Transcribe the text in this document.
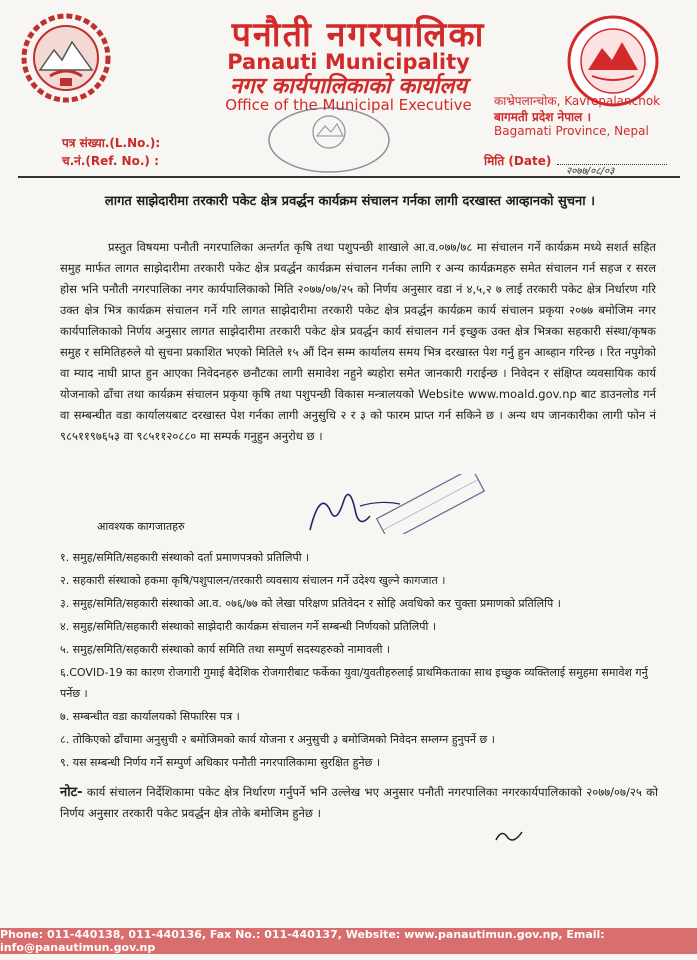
पनौती नगरपालिका
Panauti Municipality
नगर कार्यपालिकाको कार्यालय
Office of the Municipal Executive	काभ्रेपलान्चोक, Kavrepalanchok
बागमती प्रदेश नेपाल ।
Bagamati Province, Nepal
पत्र संख्या.(L.No.):
च.नं.(Ref. No.) :	मिति (Date)
२०७७/०८/०३
लागत साझेदारीमा तरकारी पकेट क्षेत्र प्रवर्द्धन कार्यक्रम संचालन गर्नका लागी दरखास्त आव्हानको सुचना ।
प्रस्तुत विषयमा पनौती नगरपालिका अन्तर्गत कृषि तथा पशुपन्छी शाखाले आ.व.०७७/७८ मा संचालन गर्ने कार्यक्रम मध्ये सशर्त सहित समुह मार्फत लागत साझेदारीमा तरकारी पकेट क्षेत्र प्रवर्द्धन कार्यक्रम संचालन गर्नका लागि र अन्य कार्यक्रमहरु समेत संचालन गर्न सहज र सरल होस भनि पनौती नगरपालिका नगर कार्यपालिकाको मिति २०७७/०७/२५ को निर्णय अनुसार वडा नं ४,५,२ ७ लाई तरकारी पकेट क्षेत्र निर्धारण गरि उक्त क्षेत्र भित्र कार्यक्रम संचालन गर्ने गरि लागत साझेदारीमा तरकारी पकेट क्षेत्र प्रवर्द्धन कार्यक्रम कार्य संचालन प्रकृया २०७७ बमोजिम नगर कार्यपालिकाको निर्णय अनुसार लागत साझेदारीमा तरकारी पकेट क्षेत्र प्रवर्द्धन कार्य संचालन गर्न इच्छुक उक्त क्षेत्र भित्रका सहकारी संस्था/कृषक समुह र समितिहरुले यो सुचना प्रकाशित भएको मितिले १५ औं दिन सम्म कार्यालय समय भित्र दरखास्त पेश गर्नु हुन आब्हान गरिन्छ । रित नपुगेको वा म्याद नाघी प्राप्त हुन आएका निवेदनहरु छनौटका लागी समावेश नहुने ब्यहोरा समेत जानकारी गराईन्छ । निवेदन र संक्षिप्त व्यवसायिक कार्य योजनाको ढाँचा तथा कार्यक्रम संचालन प्रकृया कृषि तथा पशुपन्छी विकास मन्त्रालयको Website www.moald.gov.np बाट डाउनलोड गर्न वा सम्बन्धीत वडा कार्यालयबाट दरखास्त पेश गर्नका लागी अनुसुचि २ र ३ को फारम प्राप्त गर्न सकिने छ । अन्य थप जानकारीका लागी फोन नं ९८५११९७६५३ वा ९८५११२०८८० मा सम्पर्क गनुहुन अनुरोध छ ।
आवश्यक कागजातहरु
१. समुह/समिति/सहकारी संस्थाको दर्ता प्रमाणपत्रको प्रतिलिपी ।
२. सहकारी संस्थाको हकमा कृषि/पशुपालन/तरकारी व्यवसाय संचालन गर्ने उदेश्य खुल्ने कागजात ।
३. समुह/समिति/सहकारी संस्थाको आ.व. ०७६/७७ को लेखा परिक्षण प्रतिवेदन र सोहि अवधिको कर चुक्ता प्रमाणको प्रतिलिपि ।
४. समुह/समिति/सहकारी संस्थाको साझेदारी कार्यक्रम संचालन गर्ने सम्बन्धी निर्णयको प्रतिलिपी ।
५. समुह/समिति/सहकारी संस्थाको कार्य समिति तथा सम्पुर्ण सदस्यहरुको नामावली ।
६.COVID-19 का कारण रोजगारी गुमाई बैदेशिक रोजगारीबाट फर्केका युवा/युवतीहरुलाई प्राथमिकताका साथ इच्छुक व्यक्तिलाई समुहमा समावेश गर्नु पर्नेछ ।
७. सम्बन्धीत वडा कार्यालयको सिफारिस पत्र ।
८. तोकिएको ढाँचामा अनुसुची २ बमोजिमको कार्य योजना र अनुसुची ३ बमोजिमको निवेदन सम्लग्न हुनुपर्ने छ ।
९. यस सम्बन्धी निर्णय गर्ने सम्पुर्ण अधिकार पनौती नगरपालिकामा सुरक्षित हुनेछ ।
नोट- कार्य संचालन निर्देशिकामा पकेट क्षेत्र निर्धारण गर्नुपर्ने भनि उल्लेख भए अनुसार पनौती नगरपालिका नगरकार्यपालिकाको २०७७/०७/२५ को निर्णय अनुसार तरकारी पकेट प्रवर्द्धन क्षेत्र तोके बमोजिम हुनेछ ।
Phone: 011-440138, 011-440136, Fax No.: 011-440137, Website: www.panautimun.gov.np, Email: info@panautimun.gov.np
